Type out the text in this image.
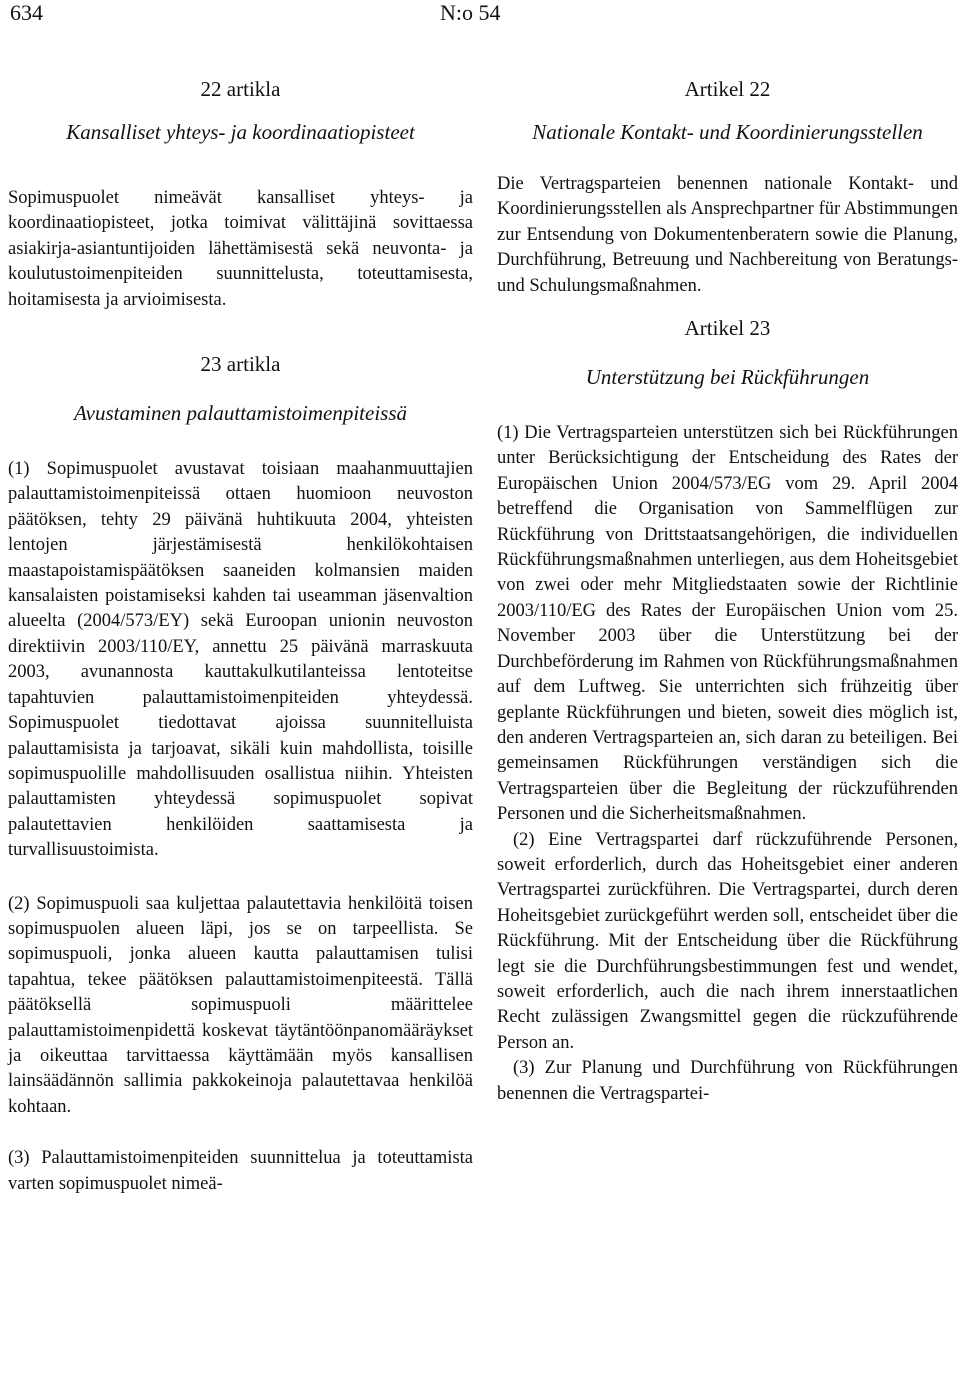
634	N:o 54

22 artikla

Kansalliset yhteys- ja koordinaatiopisteet

Sopimuspuolet nimeävät kansalliset yhteys- ja koordinaatiopisteet, jotka toimivat välittäjinä sovittaessa asiakirja-asiantuntijoiden lähettämisestä sekä neuvonta- ja koulutustoimenpiteiden suunnittelusta, toteuttamisesta, hoitamisesta ja arvioimisesta.

23 artikla

Avustaminen palauttamistoimenpiteissä

(1) Sopimuspuolet avustavat toisiaan maahanmuuttajien palauttamistoimenpiteissä ottaen huomioon neuvoston päätöksen, tehty 29 päivänä huhtikuuta 2004, yhteisten lentojen järjestämisestä henkilökohtaisen maastapoistamispäätöksen saaneiden kolmansien maiden kansalaisten poistamiseksi kahden tai useamman jäsenvaltion alueelta (2004/573/EY) sekä Euroopan unionin neuvoston direktiivin 2003/110/EY, annettu 25 päivänä marraskuuta 2003, avunannosta kauttakulkutilanteissa lentoteitse tapahtuvien palauttamistoimenpiteiden yhteydessä. Sopimuspuolet tiedottavat ajoissa suunnitelluista palauttamisista ja tarjoavat, sikäli kuin mahdollista, toisille sopimuspuolille mahdollisuuden osallistua niihin. Yhteisten palauttamisten yhteydessä sopimuspuolet sopivat palautettavien henkilöiden saattamisesta ja turvallisuustoimista.

(2) Sopimuspuoli saa kuljettaa palautettavia henkilöitä toisen sopimuspuolen alueen läpi, jos se on tarpeellista. Se sopimuspuoli, jonka alueen kautta palauttamisen tulisi tapahtua, tekee päätöksen palauttamistoimenpiteestä. Tällä päätöksellä sopimuspuoli määrittelee palauttamistoimenpidettä koskevat täytäntöönpanomääräykset ja oikeuttaa tarvittaessa käyttämään myös kansallisen lainsäädännön sallimia pakkokeinoja palautettavaa henkilöä kohtaan.

(3) Palauttamistoimenpiteiden suunnittelua ja toteuttamista varten sopimuspuolet nimeä-

Artikel 22

Nationale Kontakt- und Koordinierungsstellen

Die Vertragsparteien benennen nationale Kontakt- und Koordinierungsstellen als Ansprechpartner für Abstimmungen zur Entsendung von Dokumentenberatern sowie die Planung, Durchführung, Betreuung und Nachbereitung von Beratungs- und Schulungsmaßnahmen.

Artikel 23

Unterstützung bei Rückführungen

(1) Die Vertragsparteien unterstützen sich bei Rückführungen unter Berücksichtigung der Entscheidung des Rates der Europäischen Union 2004/573/EG vom 29. April 2004 betreffend die Organisation von Sammelflügen zur Rückführung von Drittstaatsangehörigen, die individuellen Rückführungsmaßnahmen unterliegen, aus dem Hoheitsgebiet von zwei oder mehr Mitgliedstaaten sowie der Richtlinie 2003/110/EG des Rates der Europäischen Union vom 25. November 2003 über die Unterstützung bei der Durchbeförderung im Rahmen von Rückführungsmaßnahmen auf dem Luftweg. Sie unterrichten sich frühzeitig über geplante Rückführungen und bieten, soweit dies möglich ist, den anderen Vertragsparteien an, sich daran zu beteiligen. Bei gemeinsamen Rückführungen verständigen sich die Vertragsparteien über die Begleitung der rückzuführenden Personen und die Sicherheitsmaßnahmen.

(2) Eine Vertragspartei darf rückzuführende Personen, soweit erforderlich, durch das Hoheitsgebiet einer anderen Vertragspartei zurückführen. Die Vertragspartei, durch deren Hoheitsgebiet zurückgeführt werden soll, entscheidet über die Rückführung. Mit der Entscheidung über die Rückführung legt sie die Durchführungsbestimmungen fest und wendet, soweit erforderlich, auch die nach ihrem innerstaatlichen Recht zulässigen Zwangsmittel gegen die rückzuführende Person an.

(3) Zur Planung und Durchführung von Rückführungen benennen die Vertragspartei-
